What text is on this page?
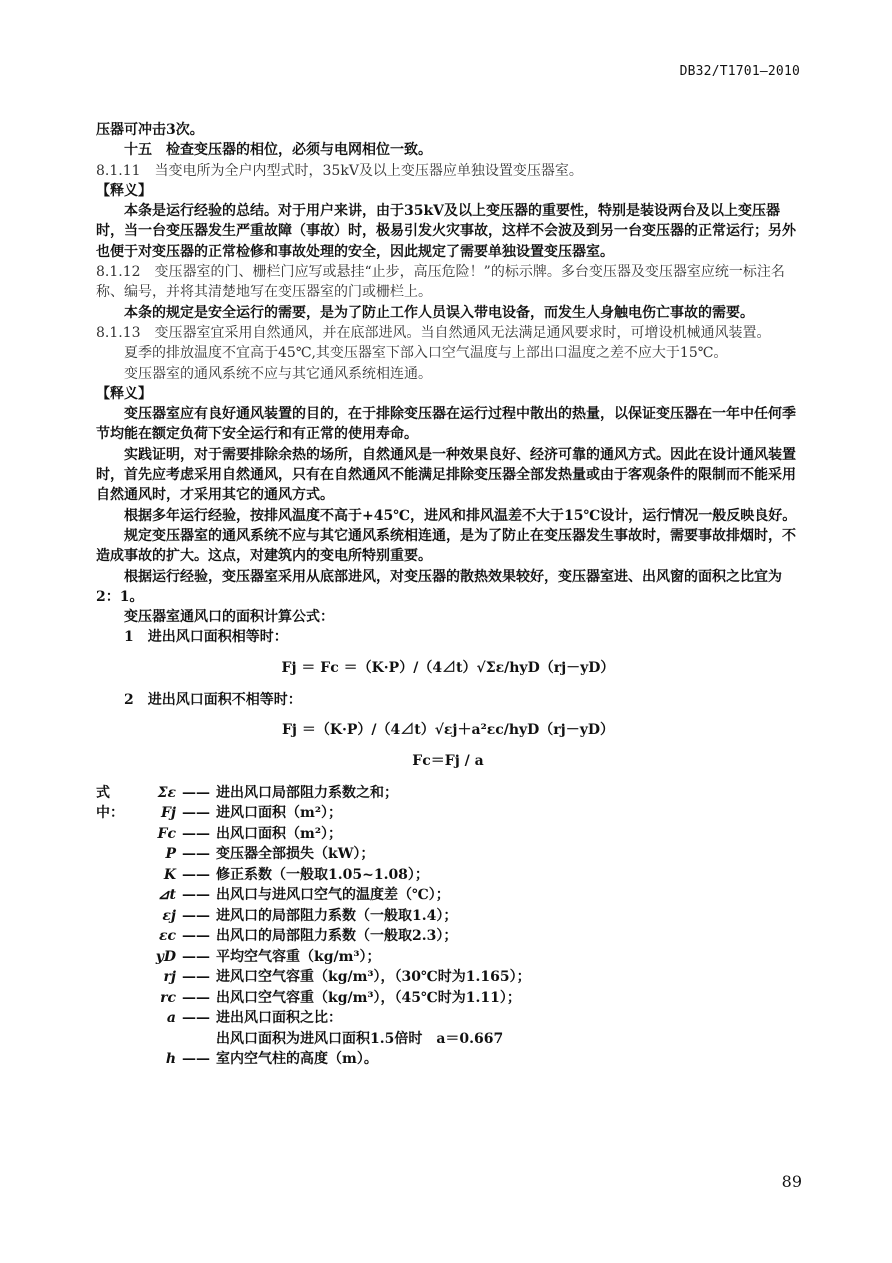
DB32/T1701—2010

压器可冲击3次。

十五　检查变压器的相位，必须与电网相位一致。

8.1.11　当变电所为全户内型式时，35kV及以上变压器应单独设置变压器室。

【释义】

本条是运行经验的总结。对于用户来讲，由于35kV及以上变压器的重要性，特别是装设两台及以上变压器时，当一台变压器发生严重故障（事故）时，极易引发火灾事故，这样不会波及到另一台变压器的正常运行；另外也便于对变压器的正常检修和事故处理的安全，因此规定了需要单独设置变压器室。

8.1.12　变压器室的门、栅栏门应写或悬挂“止步，高压危险！”的标示牌。多台变压器及变压器室应统一标注名称、编号，并将其清楚地写在变压器室的门或栅栏上。

本条的规定是安全运行的需要，是为了防止工作人员误入带电设备，而发生人身触电伤亡事故的需要。

8.1.13　变压器室宜采用自然通风，并在底部进风。当自然通风无法满足通风要求时，可增设机械通风装置。

夏季的排放温度不宜高于45℃,其变压器室下部入口空气温度与上部出口温度之差不应大于15℃。

变压器室的通风系统不应与其它通风系统相连通。

【释义】

变压器室应有良好通风装置的目的，在于排除变压器在运行过程中散出的热量，以保证变压器在一年中任何季节均能在额定负荷下安全运行和有正常的使用寿命。

实践证明，对于需要排除余热的场所，自然通风是一种效果良好、经济可靠的通风方式。因此在设计通风装置时，首先应考虑采用自然通风，只有在自然通风不能满足排除变压器全部发热量或由于客观条件的限制而不能采用自然通风时，才采用其它的通风方式。

根据多年运行经验，按排风温度不高于+45℃，进风和排风温差不大于15℃设计，运行情况一般反映良好。

规定变压器室的通风系统不应与其它通风系统相连通，是为了防止在变压器发生事故时，需要事故排烟时，不造成事故的扩大。这点，对建筑内的变电所特别重要。

根据运行经验，变压器室采用从底部进风，对变压器的散热效果较好，变压器室进、出风窗的面积之比宜为2：1。

变压器室通风口的面积计算公式：

1　进出风口面积相等时：

Fj ＝ Fc ＝（K·P）/（4⊿t）√Σε/hyD（rj－yD）

2　进出风口面积不相等时：

Fj ＝（K·P）/（4⊿t）√εj＋a²εc/hyD（rj－yD）
Fc＝Fj / a
式中：
Σε —— 进出风口局部阻力系数之和；
Fj —— 进风口面积（m²）；
Fc —— 出风口面积（m²）；
P —— 变压器全部损失（kW）；
K —— 修正系数（一般取1.05~1.08）；
⊿t —— 出风口与进风口空气的温度差（℃）；
εj —— 进风口的局部阻力系数（一般取1.4）；
εc —— 出风口的局部阻力系数（一般取2.3）；
yD —— 平均空气容重（kg/m³）；
rj —— 进风口空气容重（kg/m³），（30℃时为1.165）；
rc —— 出风口空气容重（kg/m³），（45℃时为1.11）；
a —— 进出风口面积之比：
出风口面积为进风口面积1.5倍时　a＝0.667
h —— 室内空气柱的高度（m）。
89
